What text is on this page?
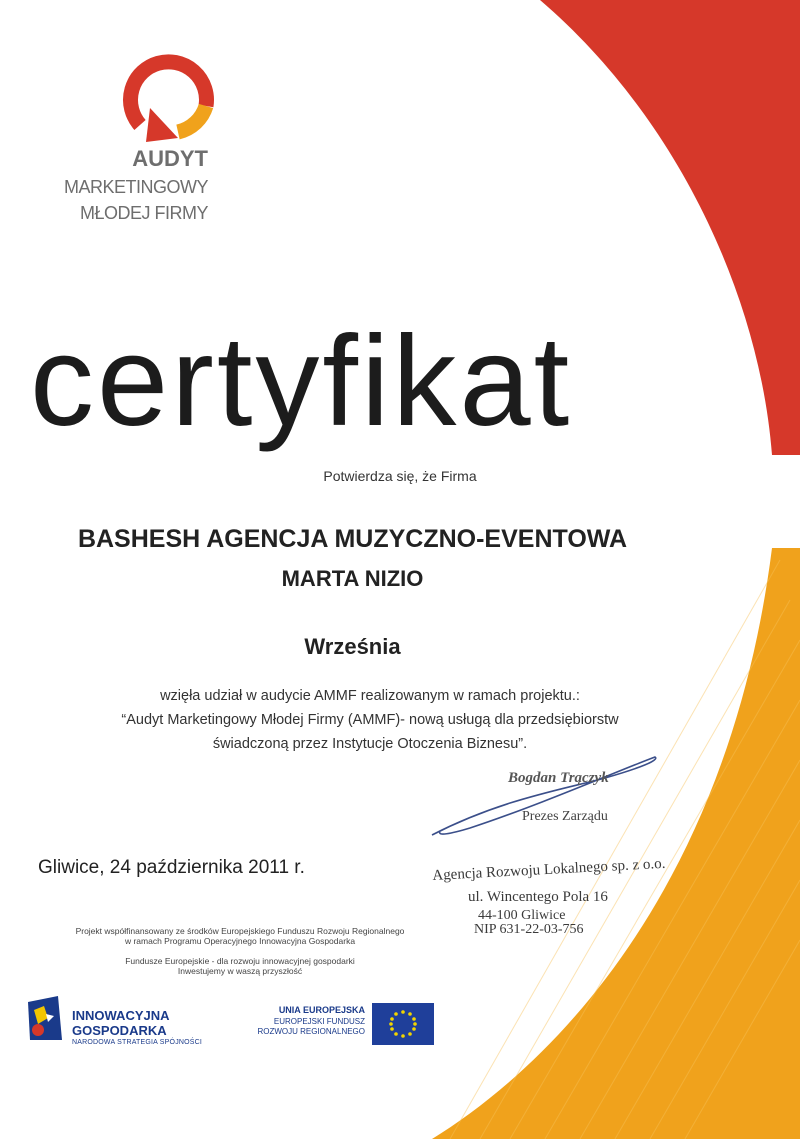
AUDYT
MARKETINGOWY
MŁODEJ FIRMY
certyfikat
Potwierdza się, że Firma
BASHESH AGENCJA MUZYCZNO-EVENTOWA
MARTA NIZIO
Września
wzięła udział w audycie AMMF realizowanym w ramach projektu.:
“Audyt Marketingowy Młodej Firmy (AMMF)- nową usługą dla przedsiębiorstw
świadczoną przez Instytucje Otoczenia Biznesu”.
Bogdan Trączyk
Prezes Zarządu
Gliwice, 24 października 2011 r.	Agencja Rozwoju Lokalnego sp. z o.o.
ul. Wincentego Pola 16
44-100 Gliwice
NIP 631-22-03-756
Projekt współfinansowany ze środków Europejskiego Funduszu Rozwoju Regionalnego
w ramach Programu Operacyjnego Innowacyjna Gospodarka
Fundusze Europejskie - dla rozwoju innowacyjnej gospodarki
Inwestujemy w waszą przyszłość
INNOWACYJNA
GOSPODARKA
NARODOWA STRATEGIA SPÓJNOŚCI
UNIA EUROPEJSKA
EUROPEJSKI FUNDUSZ
ROZWOJU REGIONALNEGO
